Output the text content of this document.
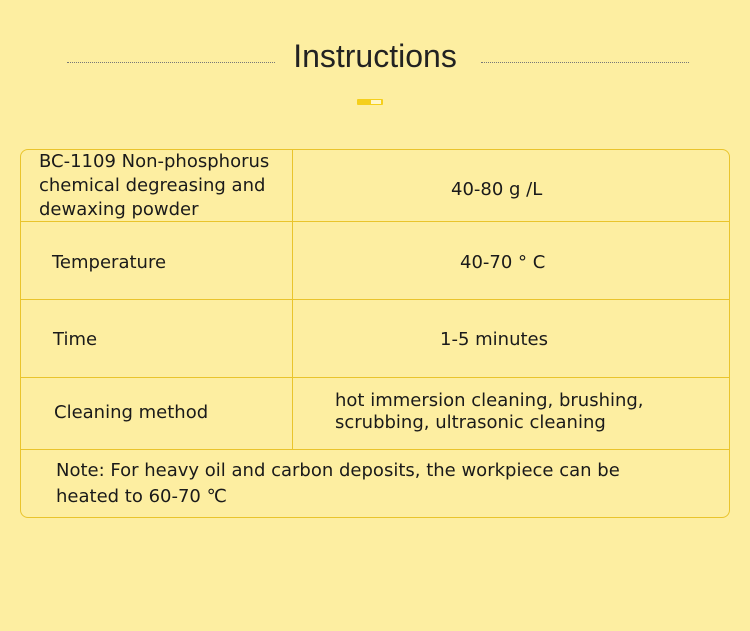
Instructions
BC-1109 Non-phosphorus
chemical degreasing and
dewaxing powder
40-80 g /L
Temperature	40-70 ° C
Time	1-5 minutes
Cleaning method
hot immersion cleaning, brushing,
scrubbing, ultrasonic cleaning
Note: For heavy oil and carbon deposits, the workpiece can be
heated to 60-70 ℃
